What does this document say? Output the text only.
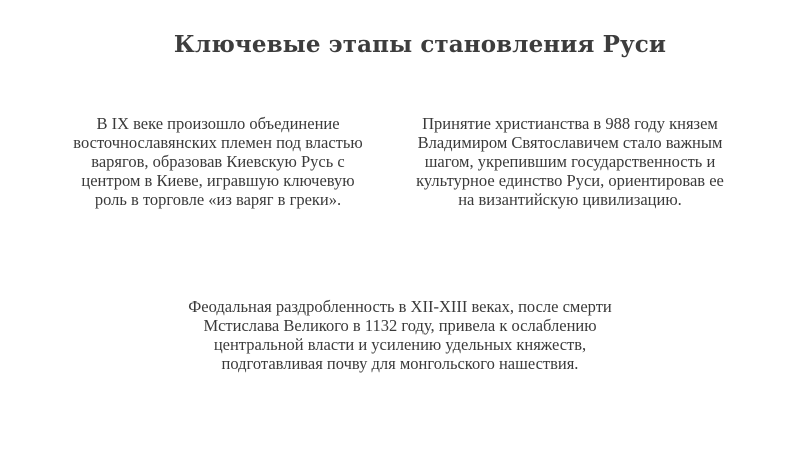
Ключевые этапы становления Руси

В IX веке произошло объединение
восточнославянских племен под властью
варягов, образовав Киевскую Русь с
центром в Киеве, игравшую ключевую
роль в торговле «из варяг в греки».

Принятие христианства в 988 году князем
Владимиром Святославичем стало важным
шагом, укрепившим государственность и
культурное единство Руси, ориентировав ее
на византийскую цивилизацию.

Феодальная раздробленность в XII-XIII веках, после смерти
Мстислава Великого в 1132 году, привела к ослаблению
центральной власти и усилению удельных княжеств,
подготавливая почву для монгольского нашествия.
